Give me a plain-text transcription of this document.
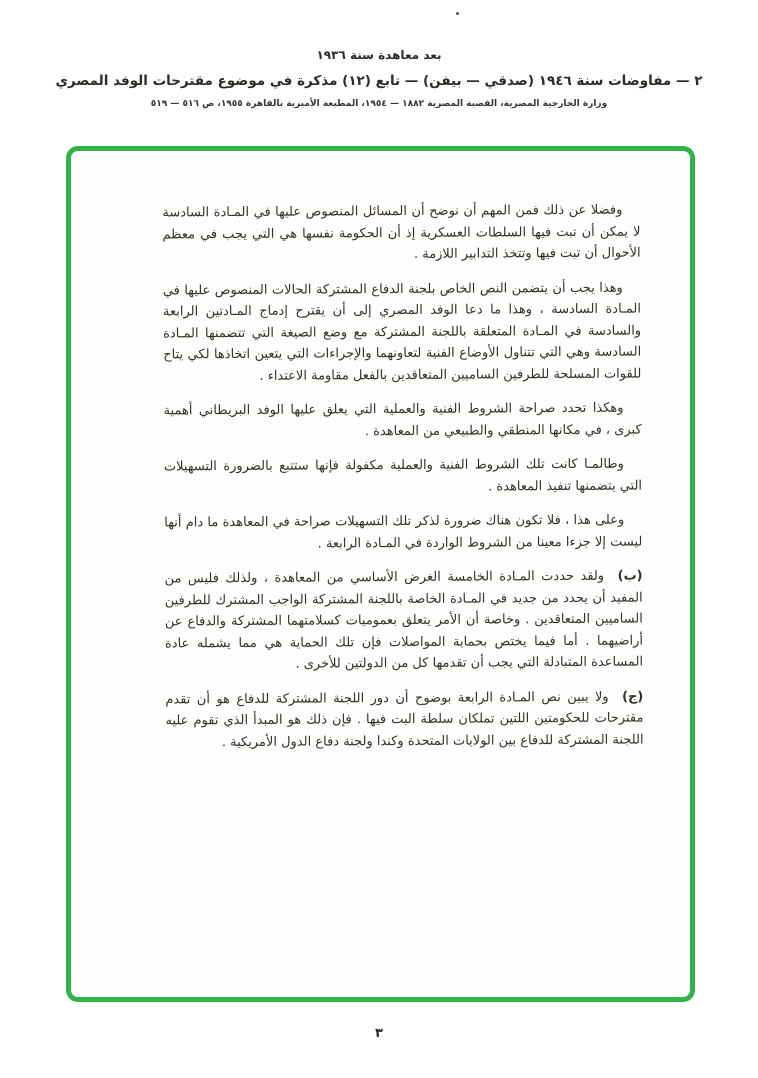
بعد معاهدة سنة ١٩٣٦
٢ — مفاوضات سنة ١٩٤٦ (صدقي — بيفن) — تابع (١٢) مذكرة في موضوع مقترحات الوفد المصري
وزارة الخارجية المصرية، القضية المصرية ١٨٨٢ — ١٩٥٤، المطبعة الأميرية بالقاهرة ١٩٥٥، ص ٥١٦ — ٥١٩

وفضلا عن ذلك فمن المهم أن نوضح أن المسائل المنصوص عليها في المـادة السادسة لا يمكن أن تبت فيها السلطات العسكرية إذ أن الحكومة نفسها هي التي يجب في معظم الأحوال أن تبت فيها وتتخذ التدابير اللازمة .

وهذا يجب أن يتضمن النص الخاص بلجنة الدفاع المشتركة الحالات المنصوص عليها في المـادة السادسة ، وهذا ما دعا الوفد المصري إلى أن يقترح إدماج المـادتين الرابعة والسادسة في المـادة المتعلقة باللجنة المشتركة مع وضع الصيغة التي تتضمنها المـادة السادسة وهي التي تتناول الأوضاع الفنية لتعاونهما والإجراءات التي يتعين اتخاذها لكي يتاح للقوات المسلحة للطرفين الساميين المتعاقدين بالفعل مقاومة الاعتداء .

وهكذا تحدد صراحة الشروط الفنية والعملية التي يعلق عليها الوفد البريطاني أهمية كبرى ، في مكانها المنطقي والطبيعي من المعاهدة .

وطالمـا كانت تلك الشروط الفنية والعملية مكفولة فإنها ستتبع بالضرورة التسهيلات التي يتضمنها تنفيذ المعاهدة .

وعلى هذا ، فلا تكون هناك ضرورة لذكر تلك التسهيلات صراحة في المعاهدة ما دام أنها ليست إلا جزءا معينا من الشروط الواردة في المـادة الرابعة .

(ب) ولقد حددت المـادة الخامسة الغرض الأساسي من المعاهدة ، ولذلك فليس من المفيد أن يحدد من جديد في المـادة الخاصة باللجنة المشتركة الواجب المشترك للطرفين الساميين المتعاقدين . وخاصة أن الأمر يتعلق بعموميات كسلامتهما المشتركة والدفاع عن أراضيهما . أما فيما يختص بحماية المواصلات فإن تلك الحماية هي مما يشمله عادة المساعدة المتبادلة التي يجب أن تقدمها كل من الدولتين للأخرى .

(ج) ولا يبين نص المـادة الرابعة بوضوح أن دور اللجنة المشتركة للدفاع هو أن تقدم مقترحات للحكومتين اللتين تملكان سلطة البت فيها . فإن ذلك هو المبدأ الذي تقوم عليه اللجنة المشتركة للدفاع بين الولايات المتحدة وكندا ولجنة دفاع الدول الأمريكية .

٣
